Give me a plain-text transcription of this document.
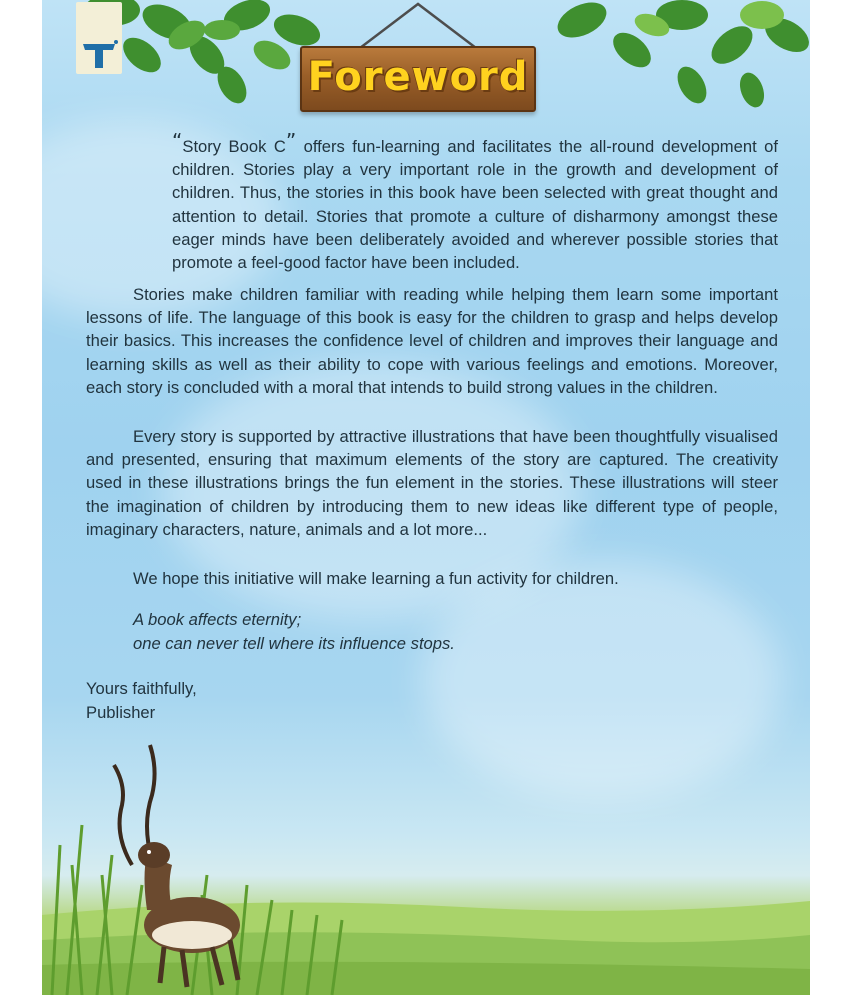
Foreword

“Story Book C” offers fun-learning and facilitates the all-round development of children. Stories play a very important role in the growth and development of children. Thus, the stories in this book have been selected with great thought and attention to detail. Stories that promote a culture of disharmony amongst these eager minds have been deliberately avoided and wherever possible stories that promote a feel-good factor have been included.

Stories make children familiar with reading while helping them learn some important lessons of life. The language of this book is easy for the children to grasp and helps develop their basics. This increases the confidence level of children and improves their language and learning skills as well as their ability to cope with various feelings and emotions. Moreover, each story is concluded with a moral that intends to build strong values in the children.

Every story is supported by attractive illustrations that have been thoughtfully visualised and presented, ensuring that maximum elements of the story are captured. The creativity used in these illustrations brings the fun element in the stories. These illustrations will steer the imagination of children by introducing them to new ideas like different type of people, imaginary characters, nature, animals and a lot more...

We hope this initiative will make learning a fun activity for children.

A book affects eternity;
one can never tell where its influence stops.
Yours faithfully,
Publisher
